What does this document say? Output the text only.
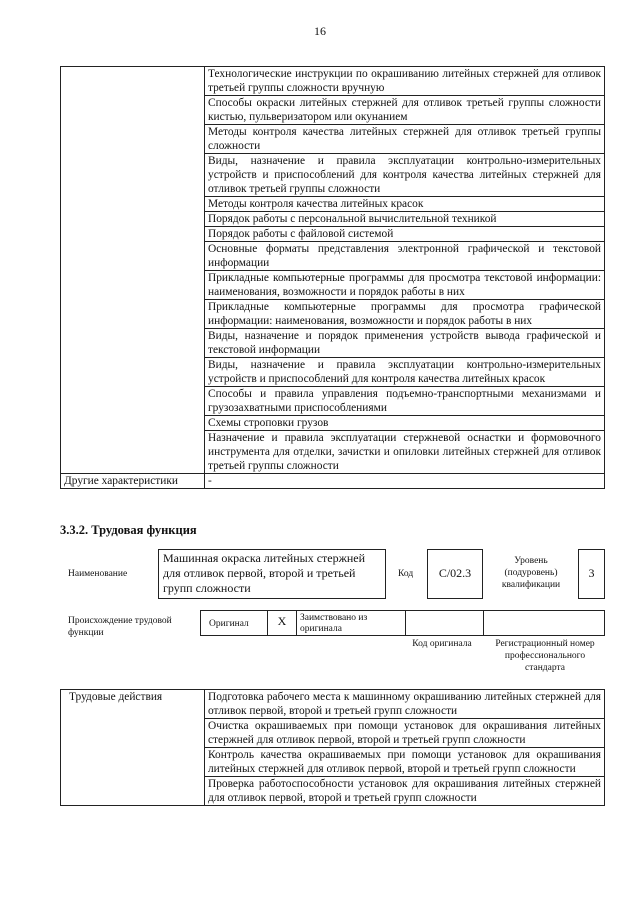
16
	Технологические инструкции по окрашиванию литейных стержней для отливок третьей группы сложности вручную
	Способы окраски литейных стержней для отливок третьей группы сложности кистью, пульверизатором или окунанием
	Методы контроля качества литейных стержней для отливок третьей группы сложности
	Виды, назначение и правила эксплуатации контрольно-измерительных устройств и приспособлений для контроля качества литейных стержней для отливок третьей группы сложности
	Методы контроля качества литейных красок
	Порядок работы с персональной вычислительной техникой
	Порядок работы с файловой системой
	Основные форматы представления электронной графической и текстовой информации
	Прикладные компьютерные программы для просмотра текстовой информации: наименования, возможности и порядок работы в них
	Прикладные компьютерные программы для просмотра графической информации: наименования, возможности и порядок работы в них
	Виды, назначение и порядок применения устройств вывода графической и текстовой информации
	Виды, назначение и правила эксплуатации контрольно-измерительных устройств и приспособлений для контроля качества литейных красок
	Способы и правила управления подъемно-транспортными механизмами и грузозахватными приспособлениями
	Схемы строповки грузов
	Назначение и правила эксплуатации стержневой оснастки и формовочного инструмента для отделки, зачистки и опиловки литейных стержней для отливок третьей группы сложности
Другие характеристики	-
3.3.2. Трудовая функция
Наименование
Машинная окраска литейных стержней для отливок первой, второй и третьей групп сложности
Код	C/02.3
Уровень (подуровень) квалификации
3
Происхождение трудовой функции
Оригинал	X	Заимствовано из оригинала
Код оригинала	Регистрационный номер профессионального стандарта
Трудовые действия	Подготовка рабочего места к машинному окрашиванию литейных стержней для отливок первой, второй и третьей групп сложности
Очистка окрашиваемых при помощи установок для окрашивания литейных стержней для отливок первой, второй и третьей групп сложности
Контроль качества окрашиваемых при помощи установок для окрашивания литейных стержней для отливок первой, второй и третьей групп сложности
Проверка работоспособности установок для окрашивания литейных стержней для отливок первой, второй и третьей групп сложности
